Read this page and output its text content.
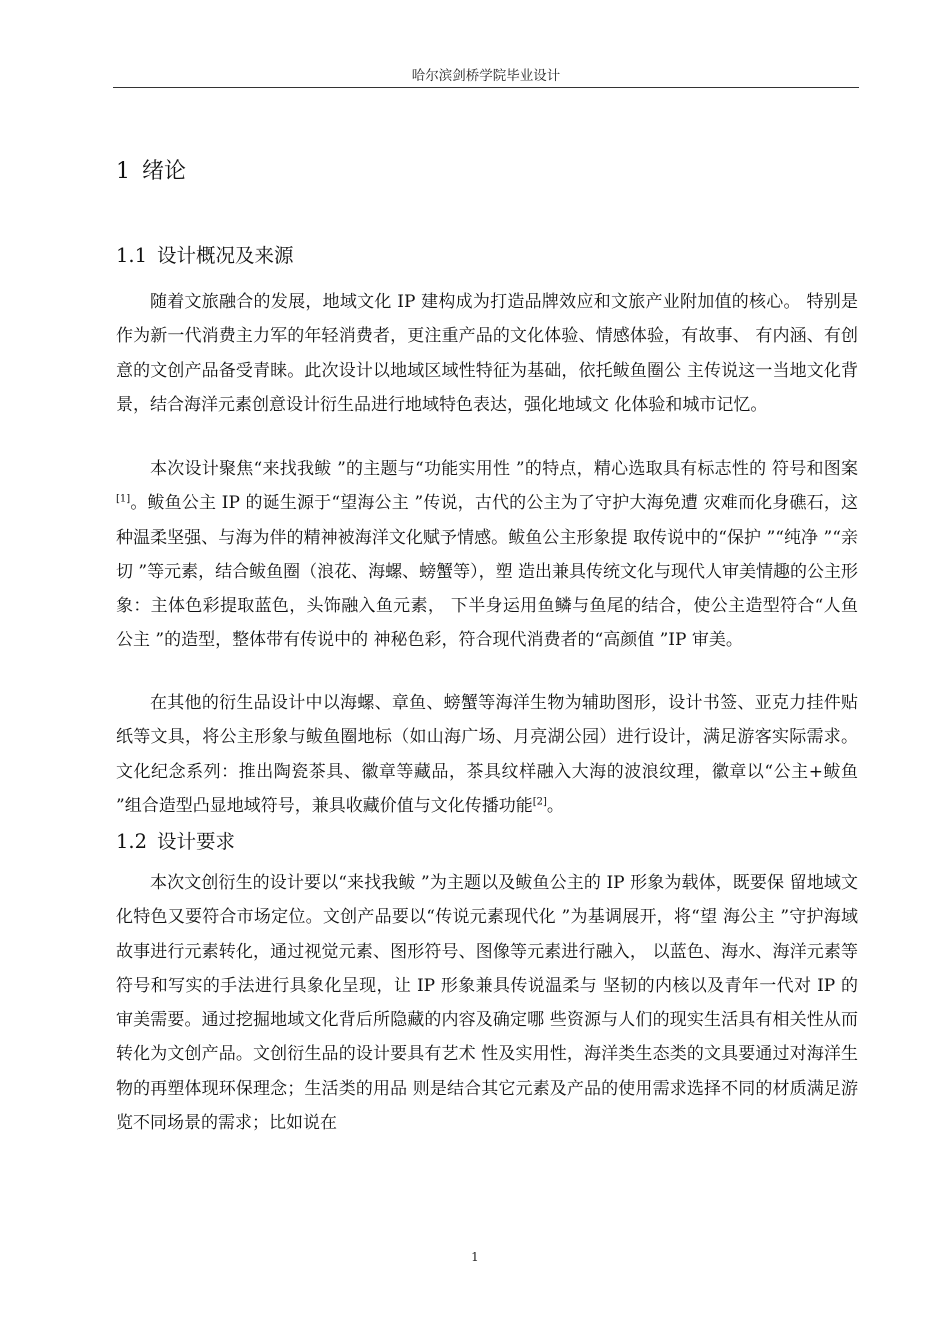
哈尔滨剑桥学院毕业设计
1 绪论
1.1 设计概况及来源
随着文旅融合的发展，地域文化 IP 建构成为打造品牌效应和文旅产业附加值的核心。 特别是作为新一代消费主力军的年轻消费者，更注重产品的文化体验、情感体验，有故事、 有内涵、有创意的文创产品备受青睐。此次设计以地域区域性特征为基础，依托鲅鱼圈公 主传说这一当地文化背景，结合海洋元素创意设计衍生品进行地域特色表达，强化地域文 化体验和城市记忆。
本次设计聚焦“来找我鲅 ”的主题与“功能实用性 ”的特点，精心选取具有标志性的 符号和图案[1]。鲅鱼公主 IP 的诞生源于“望海公主 ”传说，古代的公主为了守护大海免遭 灾难而化身礁石，这种温柔坚强、与海为伴的精神被海洋文化赋予情感。鲅鱼公主形象提 取传说中的“保护 ”“纯净 ”“亲切 ”等元素，结合鲅鱼圈（浪花、海螺、螃蟹等），塑 造出兼具传统文化与现代人审美情趣的公主形象：主体色彩提取蓝色，头饰融入鱼元素， 下半身运用鱼鳞与鱼尾的结合，使公主造型符合“人鱼公主 ”的造型，整体带有传说中的 神秘色彩，符合现代消费者的“高颜值 ”IP 审美。
在其他的衍生品设计中以海螺、章鱼、螃蟹等海洋生物为辅助图形，设计书签、亚克力挂件贴纸等文具，将公主形象与鲅鱼圈地标（如山海广场、月亮湖公园）进行设计，满足游客实际需求。文化纪念系列：推出陶瓷茶具、徽章等藏品，茶具纹样融入大海的波浪纹理，徽章以“公主+鲅鱼 ”组合造型凸显地域符号，兼具收藏价值与文化传播功能[2]。
1.2 设计要求
本次文创衍生的设计要以“来找我鲅 ”为主题以及鲅鱼公主的 IP 形象为载体，既要保 留地域文化特色又要符合市场定位。文创产品要以“传说元素现代化 ”为基调展开，将“望 海公主 ”守护海域故事进行元素转化，通过视觉元素、图形符号、图像等元素进行融入， 以蓝色、海水、海洋元素等符号和写实的手法进行具象化呈现，让 IP 形象兼具传说温柔与 坚韧的内核以及青年一代对 IP 的审美需要。通过挖掘地域文化背后所隐藏的内容及确定哪 些资源与人们的现实生活具有相关性从而转化为文创产品。文创衍生品的设计要具有艺术 性及实用性，海洋类生态类的文具要通过对海洋生物的再塑体现环保理念；生活类的用品 则是结合其它元素及产品的使用需求选择不同的材质满足游览不同场景的需求；比如说在
1
